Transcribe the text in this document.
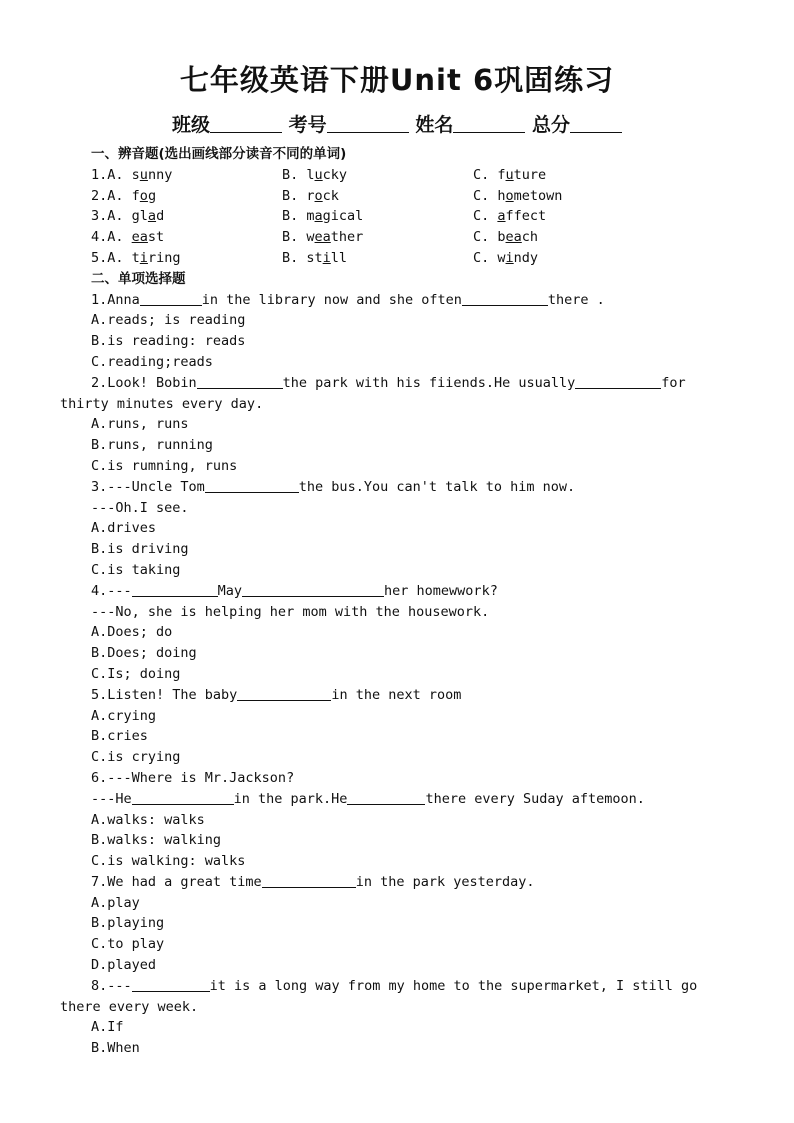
七年级英语下册Unit 6巩固练习
班级	考号	姓名	总分
一、辨音题(选出画线部分读音不同的单词)
1.A. sunny	B. lucky	C. future
2.A. fog	B. rock	C. hometown
3.A. glad	B. magical	C. affect
4.A. east	B. weather	C. beach
5.A. tiring	B. still	C. windy
二、单项选择题
1.Anna	in the library now and she often	there .
A.reads; is reading
B.is reading: reads
C.reading;reads
2.Look! Bobin	the park with his fiiends.He usually	for thirty minutes every day.
A.runs, runs
B.runs, running
C.is rumning, runs
3.---Uncle Tom	the bus.You can't talk to him now.
---Oh.I see.
A.drives
B.is driving
C.is taking
4.---	May	her homewwork?
---No, she is helping her mom with the housework.
A.Does; do
B.Does; doing
C.Is; doing
5.Listen! The baby	in the next room
A.crying
B.cries
C.is crying
6.---Where is Mr.Jackson?
---He	in the park.He	there every Suday aftemoon.
A.walks: walks
B.walks: walking
C.is walking: walks
7.We had a great time	in the park yesterday.
A.play
B.playing
C.to play
D.played
8.---	it is a long way from my home to the supermarket, I still go there every week.
A.If
B.When
